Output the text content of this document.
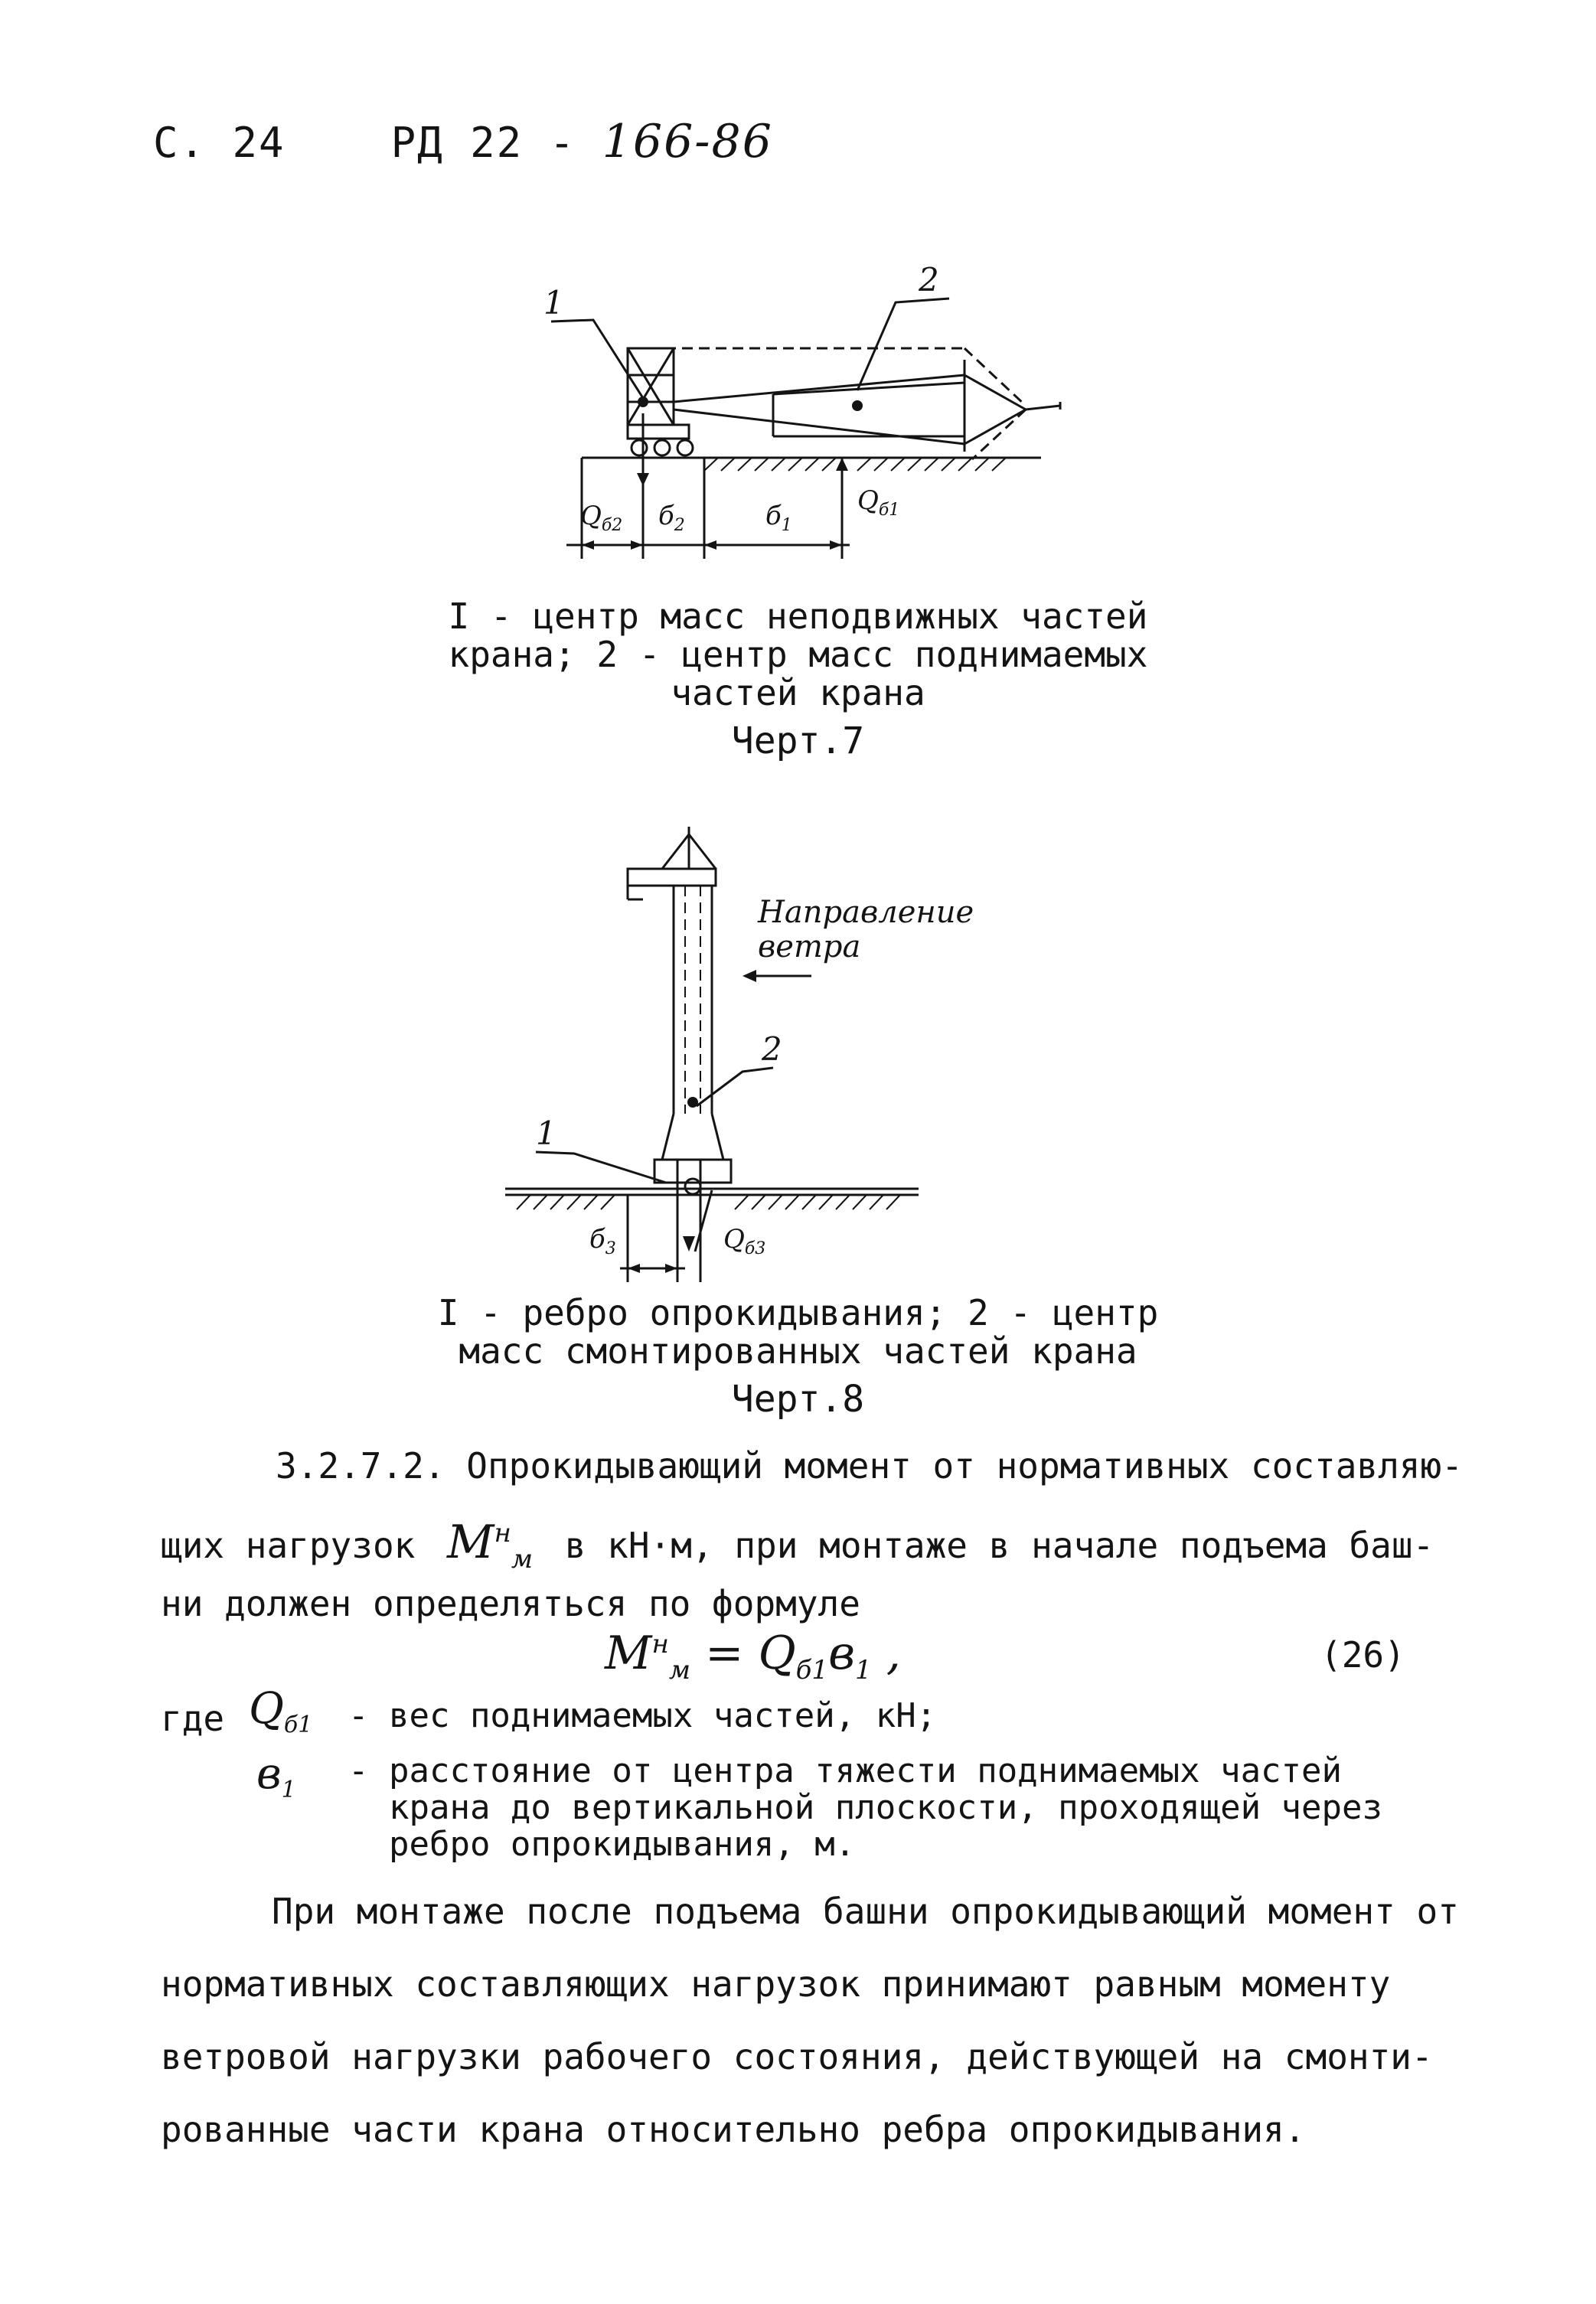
С. 24	РД 22 - 166-86
1
2
$Q_{б2}$ $б_2$	$б_1$
$Q_{б1}$
I - центр масс неподвижных частей
крана; 2 - центр масс поднимаемых
частей крана
Черт.7
Направление
ветра
2
1
$б_3$	$Q_{б3}$
I - ребро опрокидывания; 2 - центр
масс смонтированных частей крана
Черт.8
3.2.7.2. Опрокидывающий момент от нормативных составляю-
щих нагрузок $M^н_м$ в кН·м, при монтаже в начале подъема баш-
ни должен определяться по формуле
$M^н_м = Q_{б1}в_1$ ,	(26)
где $Q_{б1}$ - вес поднимаемых частей, кН;
$в_1$ - расстояние от центра тяжести поднимаемых частей
крана до вертикальной плоскости, проходящей через
ребро опрокидывания, м.
При монтаже после подъема башни опрокидывающий момент от
нормативных составляющих нагрузок принимают равным моменту
ветровой нагрузки рабочего состояния, действующей на смонти-
рованные части крана относительно ребра опрокидывания.
